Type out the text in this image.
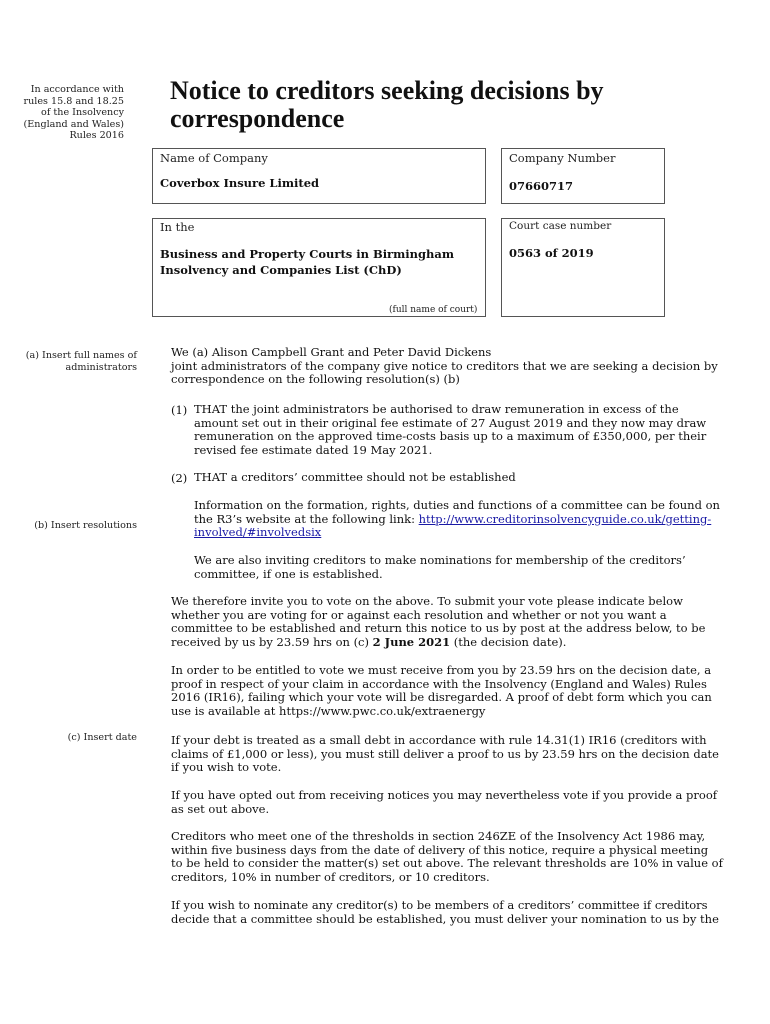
In accordance with rules 15.8 and 18.25 of the Insolvency (England and Wales) Rules 2016
Notice to creditors seeking decisions by correspondence
Name of Company
Coverbox Insure Limited
Company Number
07660717
In the
Business and Property Courts in Birmingham
Insolvency and Companies List (ChD)
(full name of court)
Court case number
0563 of 2019
(a) Insert full names of administrators

We (a) Alison Campbell Grant and Peter David Dickens

joint administrators of the company give notice to creditors that we are seeking a decision by correspondence on the following resolution(s) (b)

(1) THAT the joint administrators be authorised to draw remuneration in excess of the amount set out in their original fee estimate of 27 August 2019 and they now may draw remuneration on the approved time-costs basis up to a maximum of £350,000, per their revised fee estimate dated 19 May 2021.
(2) THAT a creditors’ committee should not be established
Information on the formation, rights, duties and functions of a committee can be found on the R3’s website at the following link: http://www.creditorinsolvencyguide.co.uk/getting-involved/#involvedsix
(b) Insert resolutions
We are also inviting creditors to make nominations for membership of the creditors’ committee, if one is established.
We therefore invite you to vote on the above. To submit your vote please indicate below whether you are voting for or against each resolution and whether or not you want a committee to be established and return this notice to us by post at the address below, to be received by us by 23.59 hrs on (c) 2 June 2021 (the decision date).
In order to be entitled to vote we must receive from you by 23.59 hrs on the decision date, a proof in respect of your claim in accordance with the Insolvency (England and Wales) Rules 2016 (IR16), failing which your vote will be disregarded. A proof of debt form which you can use is available at https://www.pwc.co.uk/extraenergy
(c) Insert date	If your debt is treated as a small debt in accordance with rule 14.31(1) IR16 (creditors with claims of £1,000 or less), you must still deliver a proof to us by 23.59 hrs on the decision date if you wish to vote.
If you have opted out from receiving notices you may nevertheless vote if you provide a proof as set out above.
Creditors who meet one of the thresholds in section 246ZE of the Insolvency Act 1986 may, within five business days from the date of delivery of this notice, require a physical meeting to be held to consider the matter(s) set out above. The relevant thresholds are 10% in value of creditors, 10% in number of creditors, or 10 creditors.
If you wish to nominate any creditor(s) to be members of a creditors’ committee if creditors decide that a committee should be established, you must deliver your nomination to us by the
